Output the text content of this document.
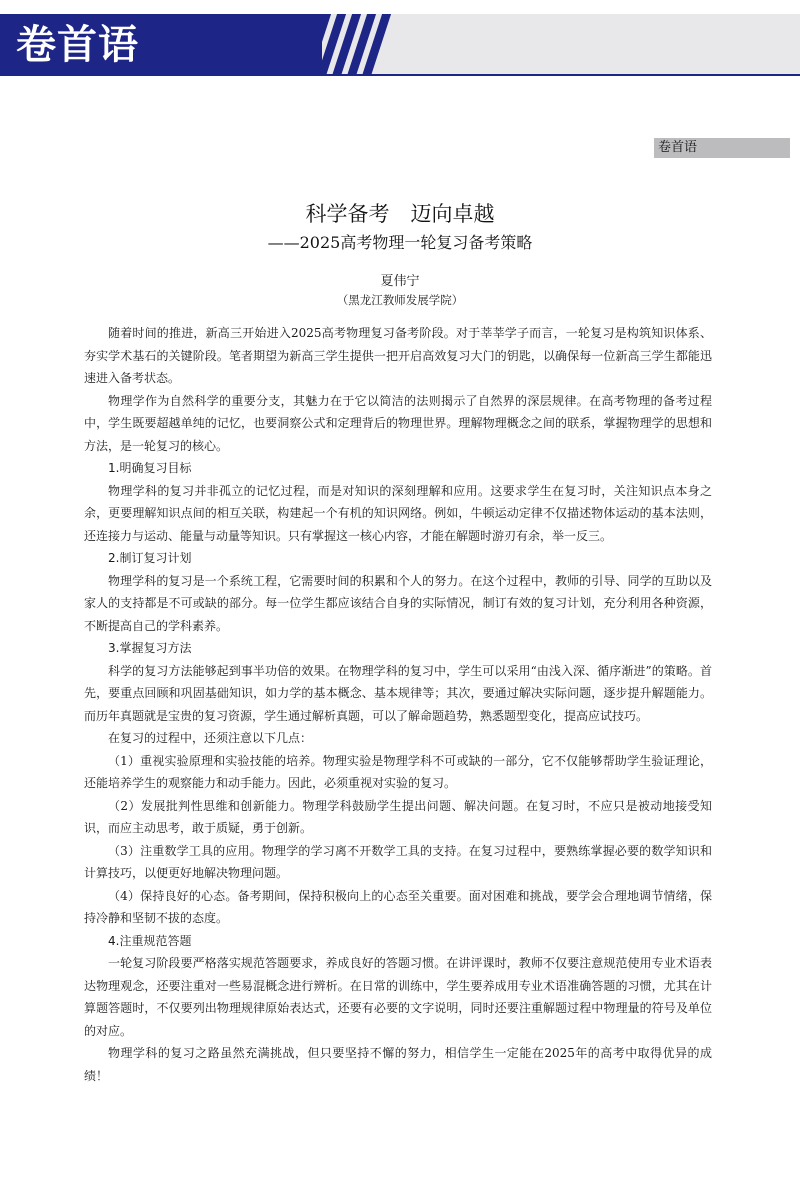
卷首语
卷首语
科学备考　迈向卓越
——2025高考物理一轮复习备考策略
夏伟宁
（黑龙江教师发展学院）
随着时间的推进，新高三开始进入2025高考物理复习备考阶段。对于莘莘学子而言，一轮复习是构筑知识体系、夯实学术基石的关键阶段。笔者期望为新高三学生提供一把开启高效复习大门的钥匙，以确保每一位新高三学生都能迅速进入备考状态。
物理学作为自然科学的重要分支，其魅力在于它以简洁的法则揭示了自然界的深层规律。在高考物理的备考过程中，学生既要超越单纯的记忆，也要洞察公式和定理背后的物理世界。理解物理概念之间的联系，掌握物理学的思想和方法，是一轮复习的核心。
1.明确复习目标
物理学科的复习并非孤立的记忆过程，而是对知识的深刻理解和应用。这要求学生在复习时，关注知识点本身之余，更要理解知识点间的相互关联，构建起一个有机的知识网络。例如，牛顿运动定律不仅描述物体运动的基本法则，还连接力与运动、能量与动量等知识。只有掌握这一核心内容，才能在解题时游刃有余，举一反三。
2.制订复习计划
物理学科的复习是一个系统工程，它需要时间的积累和个人的努力。在这个过程中，教师的引导、同学的互助以及家人的支持都是不可或缺的部分。每一位学生都应该结合自身的实际情况，制订有效的复习计划，充分利用各种资源，不断提高自己的学科素养。
3.掌握复习方法
科学的复习方法能够起到事半功倍的效果。在物理学科的复习中，学生可以采用“由浅入深、循序渐进”的策略。首先，要重点回顾和巩固基础知识，如力学的基本概念、基本规律等；其次，要通过解决实际问题，逐步提升解题能力。而历年真题就是宝贵的复习资源，学生通过解析真题，可以了解命题趋势，熟悉题型变化，提高应试技巧。
在复习的过程中，还须注意以下几点：
（1）重视实验原理和实验技能的培养。物理实验是物理学科不可或缺的一部分，它不仅能够帮助学生验证理论，还能培养学生的观察能力和动手能力。因此，必须重视对实验的复习。
（2）发展批判性思维和创新能力。物理学科鼓励学生提出问题、解决问题。在复习时，不应只是被动地接受知识，而应主动思考，敢于质疑，勇于创新。
（3）注重数学工具的应用。物理学的学习离不开数学工具的支持。在复习过程中，要熟练掌握必要的数学知识和计算技巧，以便更好地解决物理问题。
（4）保持良好的心态。备考期间，保持积极向上的心态至关重要。面对困难和挑战，要学会合理地调节情绪，保持冷静和坚韧不拔的态度。
4.注重规范答题
一轮复习阶段要严格落实规范答题要求，养成良好的答题习惯。在讲评课时，教师不仅要注意规范使用专业术语表达物理观念，还要注重对一些易混概念进行辨析。在日常的训练中，学生要养成用专业术语准确答题的习惯，尤其在计算题答题时，不仅要列出物理规律原始表达式，还要有必要的文字说明，同时还要注重解题过程中物理量的符号及单位的对应。
物理学科的复习之路虽然充满挑战，但只要坚持不懈的努力，相信学生一定能在2025年的高考中取得优异的成绩！
